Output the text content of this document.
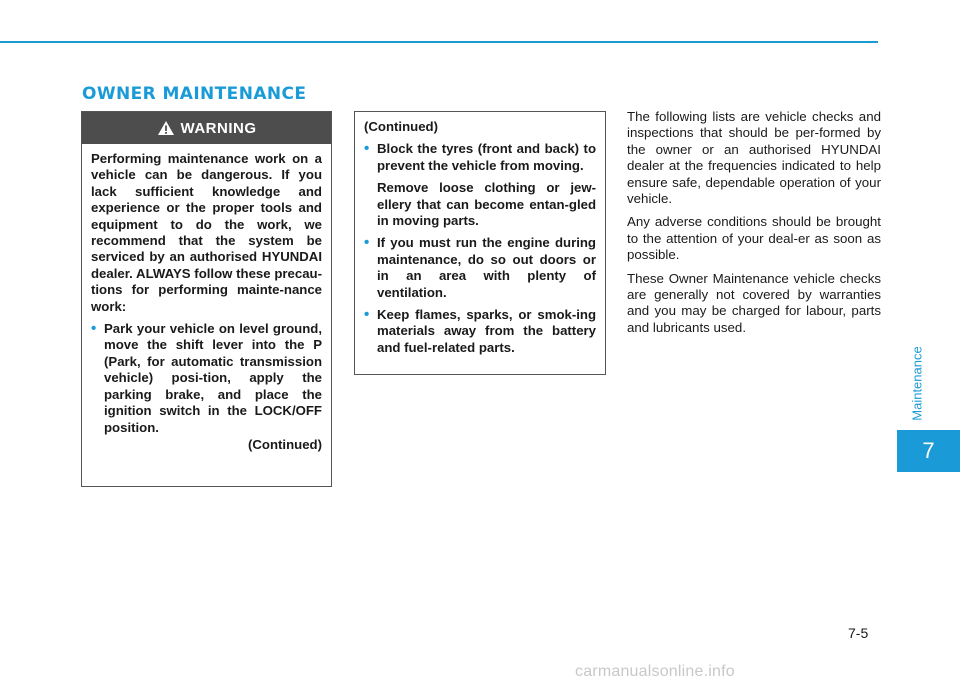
OWNER MAINTENANCE
WARNING

Performing maintenance work on a vehicle can be dangerous. If you lack sufficient knowledge and experience or the proper tools and equipment to do the work, we recommend that the system be serviced by an authorised HYUNDAI dealer. ALWAYS follow these precau-tions for performing mainte-nance work:

• Park your vehicle on level ground, move the shift lever into the P (Park, for automatic transmission vehicle) posi-tion, apply the parking brake, and place the ignition switch in the LOCK/OFF position.

(Continued)

(Continued)

• Block the tyres (front and back) to prevent the vehicle from moving.

Remove loose clothing or jew-ellery that can become entan-gled in moving parts.

• If you must run the engine during maintenance, do so out doors or in an area with plenty of ventilation.

• Keep flames, sparks, or smok-ing materials away from the battery and fuel-related parts.

The following lists are vehicle checks and inspections that should be per-formed by the owner or an authorised HYUNDAI dealer at the frequencies indicated to help ensure safe, dependable operation of your vehicle.

Any adverse conditions should be brought to the attention of your deal-er as soon as possible.

These Owner Maintenance vehicle checks are generally not covered by warranties and you may be charged for labour, parts and lubricants used.

Maintenance
7
7-5
carmanualsonline.info
